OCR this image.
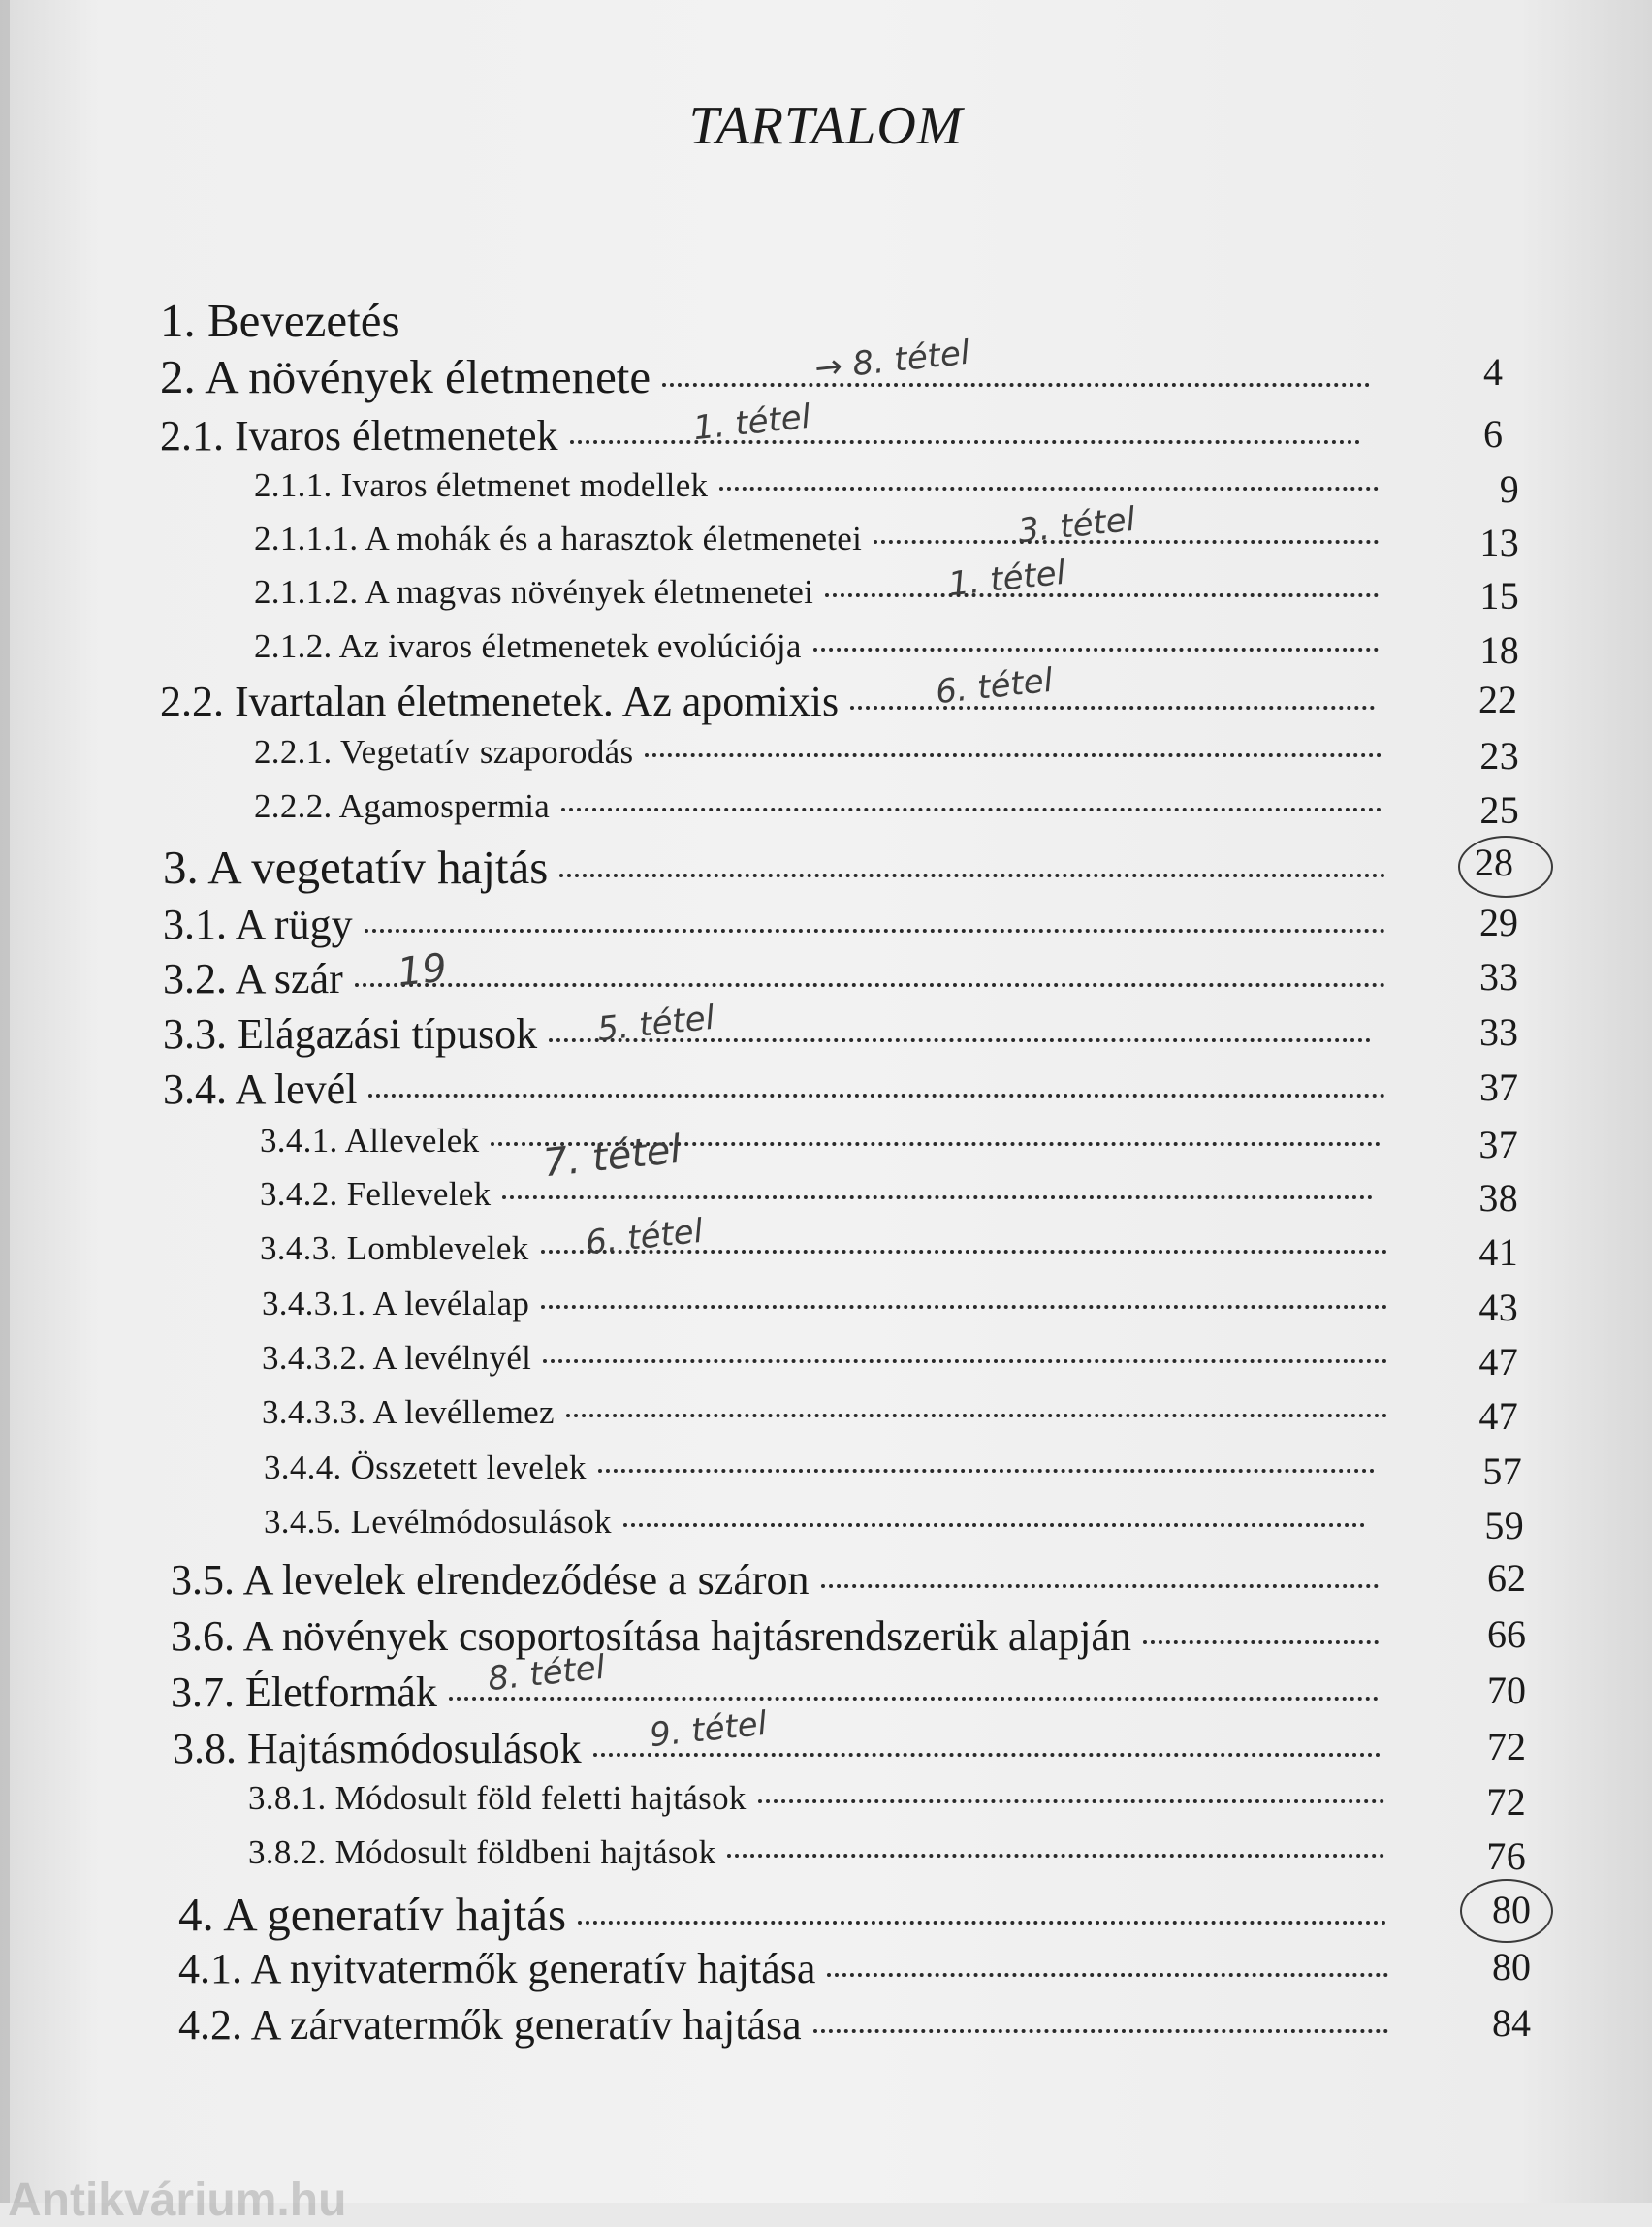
TARTALOM
1. Bevezetés
2. A növények életmenete	4
2.1. Ivaros életmenetek	6
2.1.1. Ivaros életmenet modellek	9
2.1.1.1. A mohák és a harasztok életmenetei	13
2.1.1.2. A magvas növények életmenetei	15
2.1.2. Az ivaros életmenetek evolúciója	18
2.2. Ivartalan életmenetek. Az apomixis	22
2.2.1. Vegetatív szaporodás	23
2.2.2. Agamospermia	25
3. A vegetatív hajtás	28
3.1. A rügy	29
3.2. A szár	33
3.3. Elágazási típusok	33
3.4. A levél	37
3.4.1. Allevelek	37
3.4.2. Fellevelek	38
3.4.3. Lomblevelek	41
3.4.3.1. A levélalap	43
3.4.3.2. A levélnyél	47
3.4.3.3. A levéllemez	47
3.4.4. Összetett levelek	57
3.4.5. Levélmódosulások	59
3.5. A levelek elrendeződése a száron	62
3.6. A növények csoportosítása hajtásrendszerük alapján	66
3.7. Életformák	70
3.8. Hajtásmódosulások	72
3.8.1. Módosult föld feletti hajtások	72
3.8.2. Módosult földbeni hajtások	76
4. A generatív hajtás	80
4.1. A nyitvatermők generatív hajtása	80
4.2. A zárvatermők generatív hajtása	84
→ 8. tétel
1. tétel
3. tétel
1. tétel
6. tétel
19
5. tétel
7. tétel
6. tétel
8. tétel
9. tétel
Antikvárium.hu
